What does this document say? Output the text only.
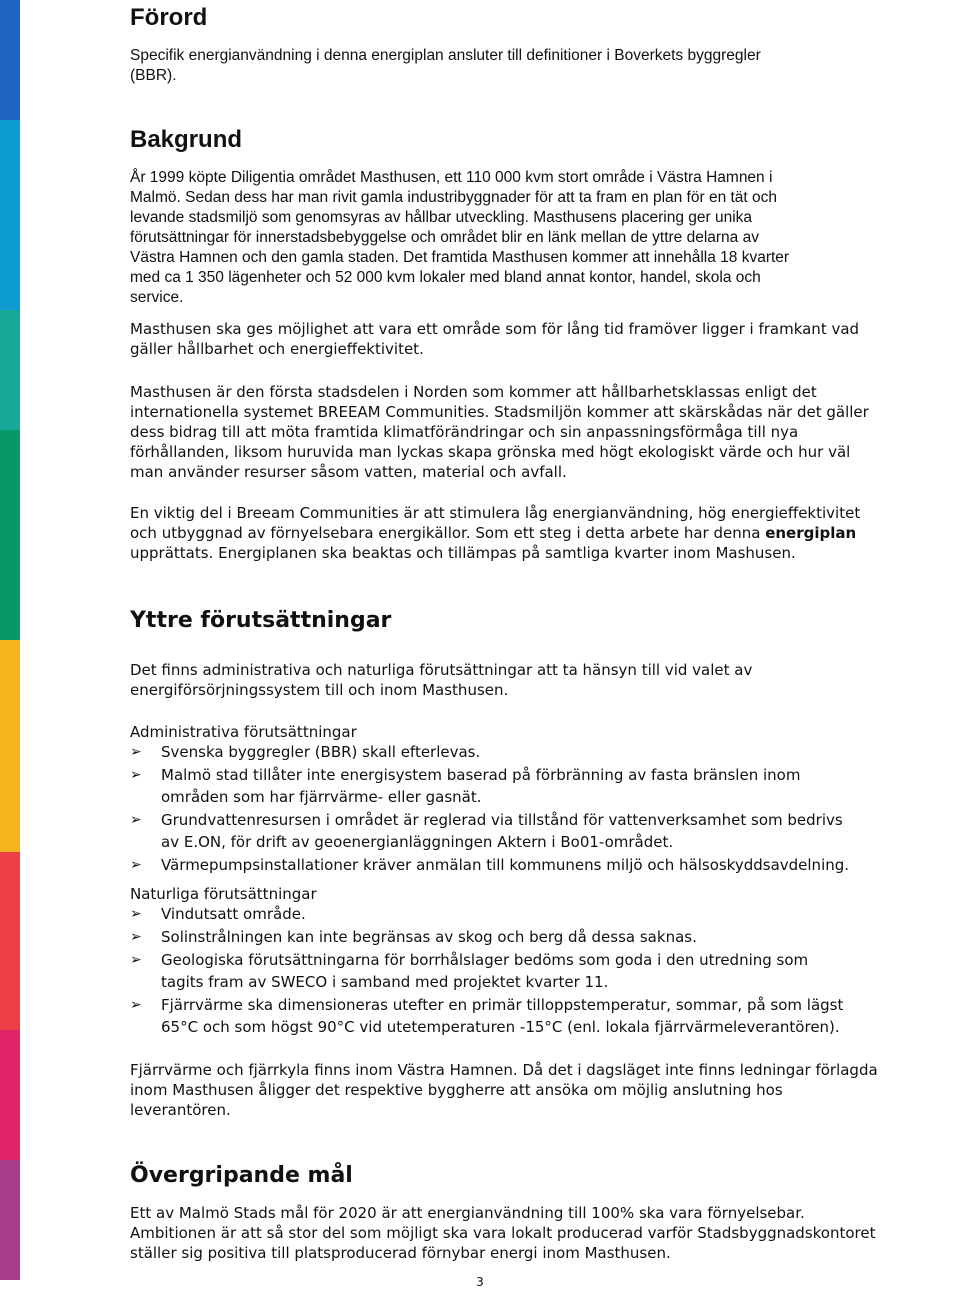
Förord

Specifik energianvändning i denna energiplan ansluter till definitioner i Boverkets byggregler
(BBR).

Bakgrund

År 1999 köpte Diligentia området Masthusen, ett 110 000 kvm stort område i Västra Hamnen i
Malmö. Sedan dess har man rivit gamla industribyggnader för att ta fram en plan för en tät och
levande stadsmiljö som genomsyras av hållbar utveckling. Masthusens placering ger unika
förutsättningar för innerstadsbebyggelse och området blir en länk mellan de yttre delarna av
Västra Hamnen och den gamla staden. Det framtida Masthusen kommer att innehålla 18 kvarter
med ca 1 350 lägenheter och 52 000 kvm lokaler med bland annat kontor, handel, skola och
service.

Masthusen ska ges möjlighet att vara ett område som för lång tid framöver ligger i framkant vad
gäller hållbarhet och energieffektivitet.

Masthusen är den första stadsdelen i Norden som kommer att hållbarhetsklassas enligt det
internationella systemet BREEAM Communities. Stadsmiljön kommer att skärskådas när det gäller
dess bidrag till att möta framtida klimatförändringar och sin anpassningsförmåga till nya
förhållanden, liksom huruvida man lyckas skapa grönska med högt ekologiskt värde och hur väl
man använder resurser såsom vatten, material och avfall.

En viktig del i Breeam Communities är att stimulera låg energianvändning, hög energieffektivitet
och utbyggnad av förnyelsebara energikällor. Som ett steg i detta arbete har denna energiplan
upprättats. Energiplanen ska beaktas och tillämpas på samtliga kvarter inom Mashusen.

Yttre förutsättningar

Det finns administrativa och naturliga förutsättningar att ta hänsyn till vid valet av
energiförsörjningssystem till och inom Masthusen.

Administrativa förutsättningar

➢ Svenska byggregler (BBR) skall efterlevas.
➢ Malmö stad tillåter inte energisystem baserad på förbränning av fasta bränslen inom
områden som har fjärrvärme- eller gasnät.
➢ Grundvattenresursen i området är reglerad via tillstånd för vattenverksamhet som bedrivs
av E.ON, för drift av geoenergianläggningen Aktern i Bo01-området.
➢ Värmepumpsinstallationer kräver anmälan till kommunens miljö och hälsoskyddsavdelning.

Naturliga förutsättningar

➢ Vindutsatt område.
➢ Solinstrålningen kan inte begränsas av skog och berg då dessa saknas.
➢ Geologiska förutsättningarna för borrhålslager bedöms som goda i den utredning som
tagits fram av SWECO i samband med projektet kvarter 11.
➢ Fjärrvärme ska dimensioneras utefter en primär tilloppstemperatur, sommar, på som lägst
65°C och som högst 90°C vid utetemperaturen -15°C (enl. lokala fjärrvärmeleverantören).

Fjärrvärme och fjärrkyla finns inom Västra Hamnen. Då det i dagsläget inte finns ledningar förlagda
inom Masthusen åligger det respektive byggherre att ansöka om möjlig anslutning hos
leverantören.

Övergripande mål

Ett av Malmö Stads mål för 2020 är att energianvändning till 100% ska vara förnyelsebar.
Ambitionen är att så stor del som möjligt ska vara lokalt producerad varför Stadsbyggnadskontoret
ställer sig positiva till platsproducerad förnybar energi inom Masthusen.

3
